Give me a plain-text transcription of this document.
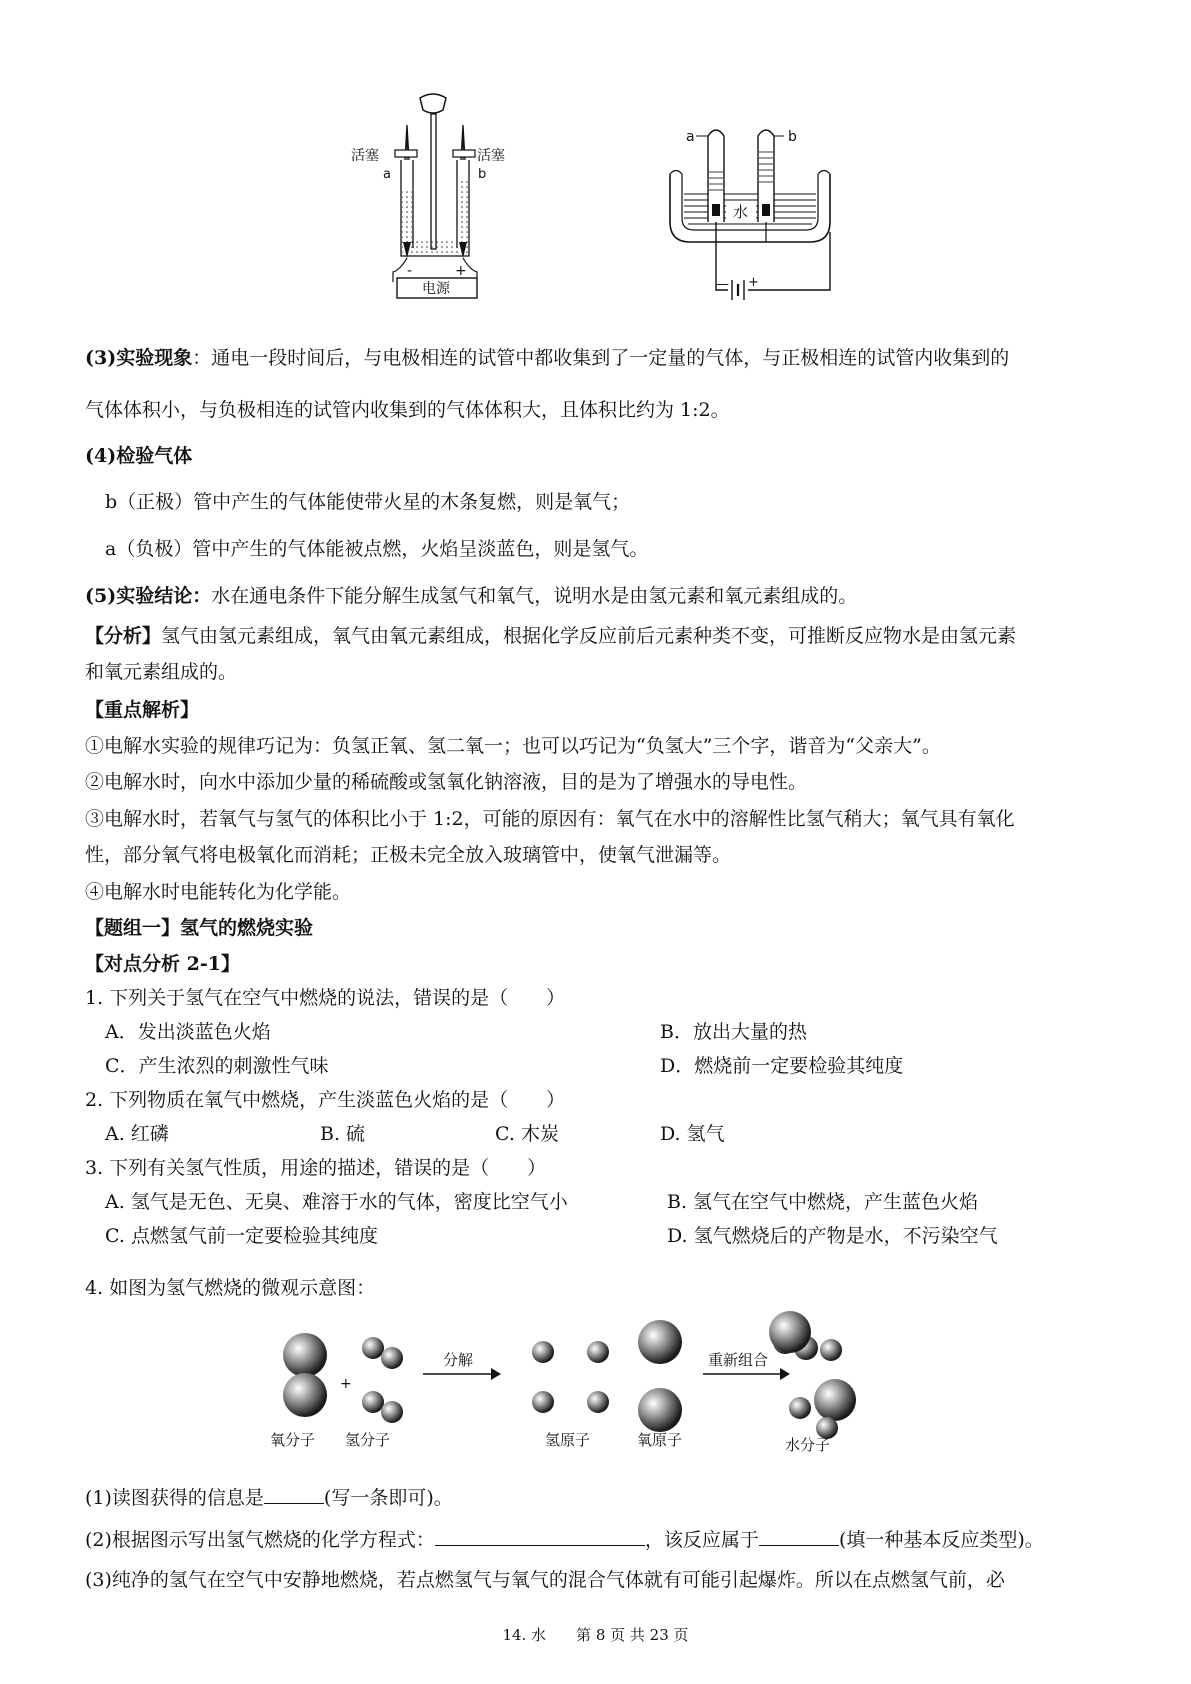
活塞	活塞
a	b
-	+
电源
a	b
水
— +
(3)实验现象：通电一段时间后，与电极相连的试管中都收集到了一定量的气体，与正极相连的试管内收集到的
气体体积小，与负极相连的试管内收集到的气体体积大，且体积比约为 1:2。
(4)检验气体
b（正极）管中产生的气体能使带火星的木条复燃，则是氧气；
a（负极）管中产生的气体能被点燃，火焰呈淡蓝色，则是氢气。
(5)实验结论：水在通电条件下能分解生成氢气和氧气，说明水是由氢元素和氧元素组成的。
【分析】氢气由氢元素组成，氧气由氧元素组成，根据化学反应前后元素种类不变，可推断反应物水是由氢元素
和氧元素组成的。
【重点解析】
①电解水实验的规律巧记为：负氢正氧、氢二氧一；也可以巧记为“负氢大”三个字，谐音为“父亲大”。
②电解水时，向水中添加少量的稀硫酸或氢氧化钠溶液，目的是为了增强水的导电性。
③电解水时，若氧气与氢气的体积比小于 1:2，可能的原因有：氧气在水中的溶解性比氢气稍大；氧气具有氧化
性，部分氧气将电极氧化而消耗；正极未完全放入玻璃管中，使氧气泄漏等。
④电解水时电能转化为化学能。
【题组一】氢气的燃烧实验
【对点分析 2-1】
1. 下列关于氢气在空气中燃烧的说法，错误的是（　　）
A．发出淡蓝色火焰	B．放出大量的热
C．产生浓烈的刺激性气味	D．燃烧前一定要检验其纯度
2. 下列物质在氧气中燃烧，产生淡蓝色火焰的是（　　）
A. 红磷	B. 硫	C. 木炭	D. 氢气
3. 下列有关氢气性质，用途的描述，错误的是（　　）
A. 氢气是无色、无臭、难溶于水的气体，密度比空气小	B. 氢气在空气中燃烧，产生蓝色火焰
C. 点燃氢气前一定要检验其纯度	D. 氢气燃烧后的产物是水，不污染空气
4. 如图为氢气燃烧的微观示意图：
+
分解	重新组合
氧分子 氢分子	氢原子	氧原子	水分子
(1)读图获得的信息是	(写一条即可)。
(2)根据图示写出氢气燃烧的化学方程式：	，该反应属于	(填一种基本反应类型)。
(3)纯净的氢气在空气中安静地燃烧，若点燃氢气与氧气的混合气体就有可能引起爆炸。所以在点燃氢气前，必
14. 水　　第 8 页 共 23 页
